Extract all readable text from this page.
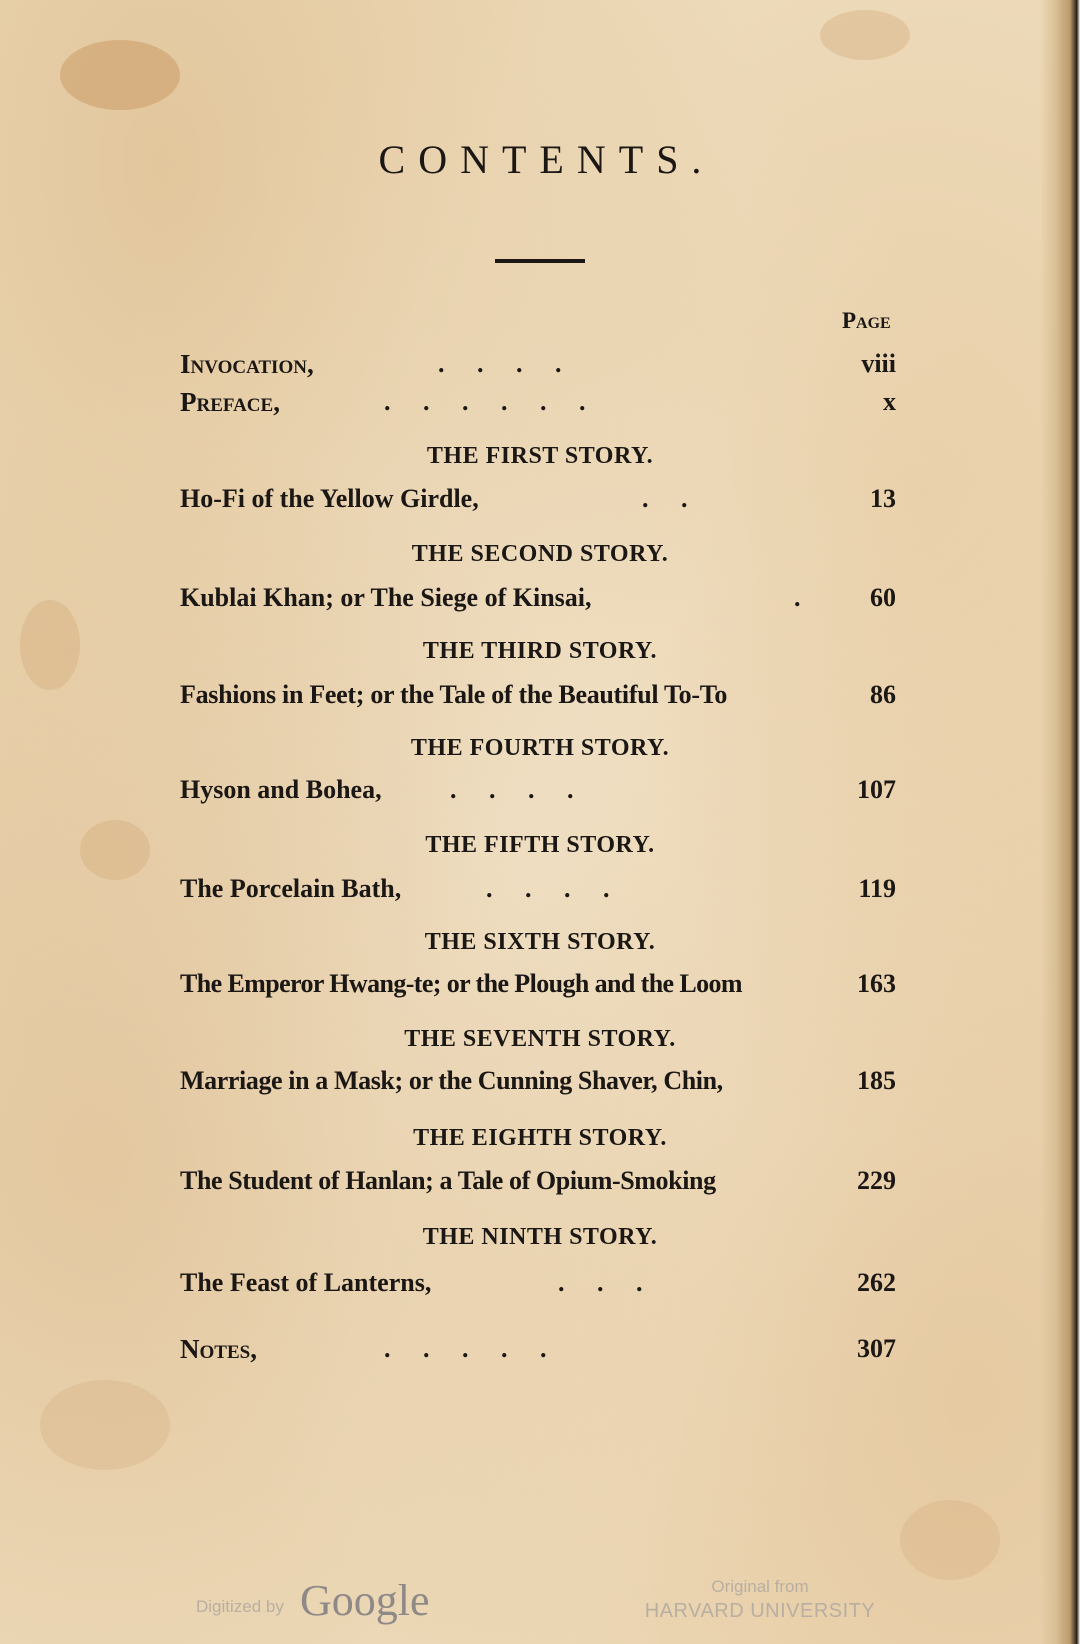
CONTENTS.
Page
Invocation,	.     .     .     .	viii
Preface,	.     .     .     .     .     .	x
THE FIRST STORY.
Ho-Fi of the Yellow Girdle,	.     .	13
THE SECOND STORY.
Kublai Khan; or The Siege of Kinsai,	.	60
THE THIRD STORY.
Fashions in Feet; or the Tale of the Beautiful To-To	86
THE FOURTH STORY.
Hyson and Bohea,	.     .     .     .	107
THE FIFTH STORY.
The Porcelain Bath,	.     .     .     .	119
THE SIXTH STORY.
The Emperor Hwang-te; or the Plough and the Loom	163
THE SEVENTH STORY.
Marriage in a Mask; or the Cunning Shaver, Chin,	185
THE EIGHTH STORY.
The Student of Hanlan; a Tale of Opium-Smoking	229
THE NINTH STORY.
The Feast of Lanterns,	.     .     .	262
Notes,	.     .     .     .     .	307
Digitized by Google	Original from
HARVARD UNIVERSITY
